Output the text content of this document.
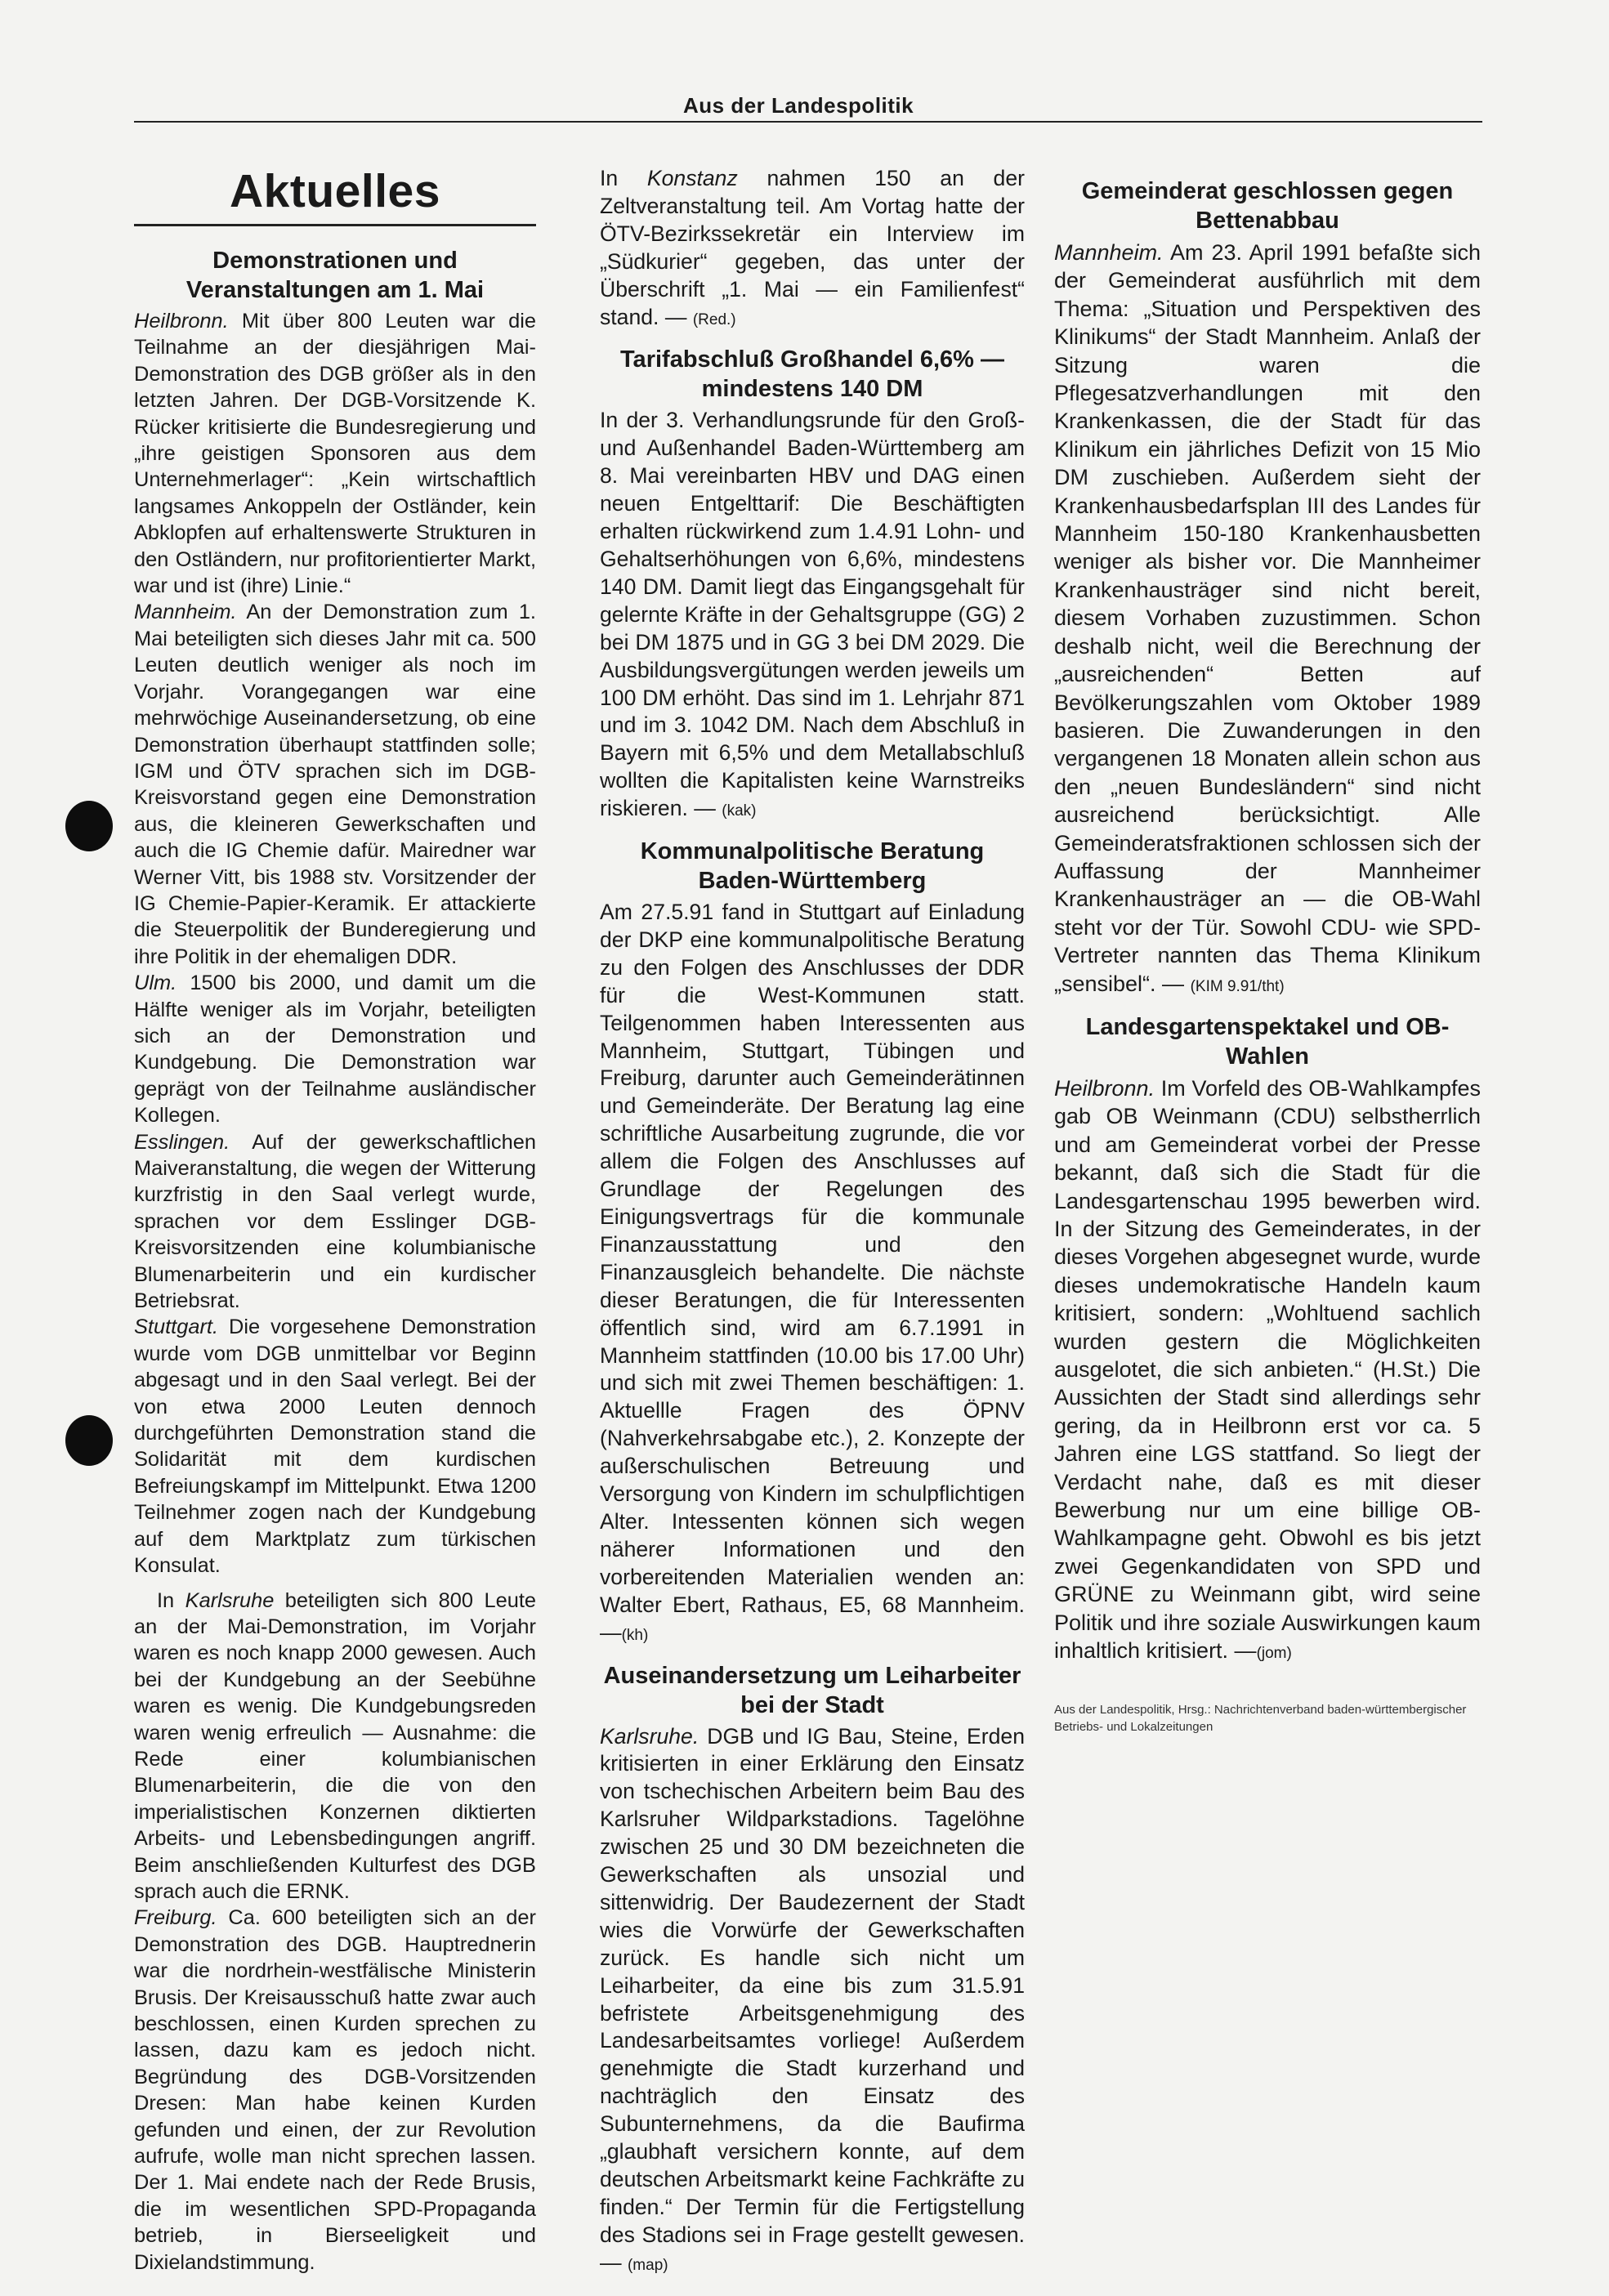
Aus der Landespolitik
Aktuelles
Demonstrationen und Veranstaltungen am 1. Mai

Heilbronn. Mit über 800 Leuten war die Teilnahme an der diesjährigen Mai-Demonstration des DGB größer als in den letzten Jahren. Der DGB-Vorsitzende K. Rücker kritisierte die Bundesregierung und „ihre geistigen Sponsoren aus dem Unternehmerlager“: „Kein wirtschaftlich langsames Ankoppeln der Ostländer, kein Abklopfen auf erhaltenswerte Strukturen in den Ostländern, nur profitorientierter Markt, war und ist (ihre) Linie.“

Mannheim. An der Demonstration zum 1. Mai beteiligten sich dieses Jahr mit ca. 500 Leuten deutlich weniger als noch im Vorjahr. Vorangegangen war eine mehrwöchige Auseinandersetzung, ob eine Demonstration überhaupt stattfinden solle; IGM und ÖTV sprachen sich im DGB-Kreisvorstand gegen eine Demonstration aus, die kleineren Gewerkschaften und auch die IG Chemie dafür. Mairedner war Werner Vitt, bis 1988 stv. Vorsitzender der IG Chemie-Papier-Keramik. Er attackierte die Steuerpolitik der Bunderegierung und ihre Politik in der ehemaligen DDR.

Ulm. 1500 bis 2000, und damit um die Hälfte weniger als im Vorjahr, beteiligten sich an der Demonstration und Kundgebung. Die Demonstration war geprägt von der Teilnahme ausländischer Kollegen.

Esslingen. Auf der gewerkschaftlichen Maiveranstaltung, die wegen der Witterung kurzfristig in den Saal verlegt wurde, sprachen vor dem Esslinger DGB-Kreisvorsitzenden eine kolumbianische Blumenarbeiterin und ein kurdischer Betriebsrat.

Stuttgart. Die vorgesehene Demonstration wurde vom DGB unmittelbar vor Beginn abgesagt und in den Saal verlegt. Bei der von etwa 2000 Leuten dennoch durchgeführten Demonstration stand die Solidarität mit dem kurdischen Befreiungskampf im Mittelpunkt. Etwa 1200 Teilnehmer zogen nach der Kundgebung auf dem Marktplatz zum türkischen Konsulat.

In Karlsruhe beteiligten sich 800 Leute an der Mai-Demonstration, im Vorjahr waren es noch knapp 2000 gewesen. Auch bei der Kundgebung an der Seebühne waren es wenig. Die Kundgebungsreden waren wenig erfreulich — Ausnahme: die Rede einer kolumbianischen Blumenarbeiterin, die die von den imperialistischen Konzernen diktierten Arbeits- und Lebensbedingungen angriff. Beim anschließenden Kulturfest des DGB sprach auch die ERNK.

Freiburg. Ca. 600 beteiligten sich an der Demonstration des DGB. Hauptrednerin war die nordrhein-westfälische Ministerin Brusis. Der Kreisausschuß hatte zwar auch beschlossen, einen Kurden sprechen zu lassen, dazu kam es jedoch nicht. Begründung des DGB-Vorsitzenden Dresen: Man habe keinen Kurden gefunden und einen, der zur Revolution aufrufe, wolle man nicht sprechen lassen. Der 1. Mai endete nach der Rede Brusis, die im wesentlichen SPD-Propaganda betrieb, in Bierseeligkeit und Dixielandstimmung.

In Konstanz nahmen 150 an der Zeltveranstaltung teil. Am Vortag hatte der ÖTV-Bezirkssekretär ein Interview im „Südkurier“ gegeben, das unter der Überschrift „1. Mai — ein Familienfest“ stand. — (Red.)

Tarifabschluß Großhandel 6,6% — mindestens 140 DM

In der 3. Verhandlungsrunde für den Groß- und Außenhandel Baden-Württemberg am 8. Mai vereinbarten HBV und DAG einen neuen Entgelttarif: Die Beschäftigten erhalten rückwirkend zum 1.4.91 Lohn- und Gehaltserhöhungen von 6,6%, mindestens 140 DM. Damit liegt das Eingangsgehalt für gelernte Kräfte in der Gehaltsgruppe (GG) 2 bei DM 1875 und in GG 3 bei DM 2029. Die Ausbildungsvergütungen werden jeweils um 100 DM erhöht. Das sind im 1. Lehrjahr 871 und im 3. 1042 DM. Nach dem Abschluß in Bayern mit 6,5% und dem Metallabschluß wollten die Kapitalisten keine Warnstreiks riskieren. — (kak)

Kommunalpolitische Beratung Baden-Württemberg

Am 27.5.91 fand in Stuttgart auf Einladung der DKP eine kommunalpolitische Beratung zu den Folgen des Anschlusses der DDR für die West-Kommunen statt. Teilgenommen haben Interessenten aus Mannheim, Stuttgart, Tübingen und Freiburg, darunter auch Gemeinderätinnen und Gemeinderäte. Der Beratung lag eine schriftliche Ausarbeitung zugrunde, die vor allem die Folgen des Anschlusses auf Grundlage der Regelungen des Einigungsvertrags für die kommunale Finanzausstattung und den Finanzausgleich behandelte. Die nächste dieser Beratungen, die für Interessenten öffentlich sind, wird am 6.7.1991 in Mannheim stattfinden (10.00 bis 17.00 Uhr) und sich mit zwei Themen beschäftigen: 1. Aktuellle Fragen des ÖPNV (Nahverkehrsabgabe etc.), 2. Konzepte der außerschulischen Betreuung und Versorgung von Kindern im schulpflichtigen Alter. Intessenten können sich wegen näherer Informationen und den vorbereitenden Materialien wenden an: Walter Ebert, Rathaus, E5, 68 Mannheim. —(kh)

Auseinandersetzung um Leiharbeiter bei der Stadt

Karlsruhe. DGB und IG Bau, Steine, Erden kritisierten in einer Erklärung den Einsatz von tschechischen Arbeitern beim Bau des Karlsruher Wildparkstadions. Tagelöhne zwischen 25 und 30 DM bezeichneten die Gewerkschaften als unsozial und sittenwidrig. Der Baudezernent der Stadt wies die Vorwürfe der Gewerkschaften zurück. Es handle sich nicht um Leiharbeiter, da eine bis zum 31.5.91 befristete Arbeitsgenehmigung des Landesarbeitsamtes vorliege! Außerdem genehmigte die Stadt kurzerhand und nachträglich den Einsatz des Subunternehmens, da die Baufirma „glaubhaft versichern konnte, auf dem deutschen Arbeitsmarkt keine Fachkräfte zu finden.“ Der Termin für die Fertigstellung des Stadions sei in Frage gestellt gewesen. — (map)

Gemeinderat geschlossen gegen Bettenabbau

Mannheim. Am 23. April 1991 befaßte sich der Gemeinderat ausführlich mit dem Thema: „Situation und Perspektiven des Klinikums“ der Stadt Mannheim. Anlaß der Sitzung waren die Pflegesatzverhandlungen mit den Krankenkassen, die der Stadt für das Klinikum ein jährliches Defizit von 15 Mio DM zuschieben. Außerdem sieht der Krankenhausbedarfsplan III des Landes für Mannheim 150-180 Krankenhausbetten weniger als bisher vor. Die Mannheimer Krankenhausträger sind nicht bereit, diesem Vorhaben zuzustimmen. Schon deshalb nicht, weil die Berechnung der „ausreichenden“ Betten auf Bevölkerungszahlen vom Oktober 1989 basieren. Die Zuwanderungen in den vergangenen 18 Monaten allein schon aus den „neuen Bundesländern“ sind nicht ausreichend berücksichtigt. Alle Gemeinderatsfraktionen schlossen sich der Auffassung der Mannheimer Krankenhausträger an — die OB-Wahl steht vor der Tür. Sowohl CDU- wie SPD-Vertreter nannten das Thema Klinikum „sensibel“. — (KIM 9.91/tht)

Landesgartenspektakel und OB-Wahlen

Heilbronn. Im Vorfeld des OB-Wahlkampfes gab OB Weinmann (CDU) selbstherrlich und am Gemeinderat vorbei der Presse bekannt, daß sich die Stadt für die Landesgartenschau 1995 bewerben wird. In der Sitzung des Gemeinderates, in der dieses Vorgehen abgesegnet wurde, wurde dieses undemokratische Handeln kaum kritisiert, sondern: „Wohltuend sachlich wurden gestern die Möglichkeiten ausgelotet, die sich anbieten.“ (H.St.) Die Aussichten der Stadt sind allerdings sehr gering, da in Heilbronn erst vor ca. 5 Jahren eine LGS stattfand. So liegt der Verdacht nahe, daß es mit dieser Bewerbung nur um eine billige OB-Wahlkampagne geht. Obwohl es bis jetzt zwei Gegenkandidaten von SPD und GRÜNE zu Weinmann gibt, wird seine Politik und ihre soziale Auswirkungen kaum inhaltlich kritisiert. —(jom)

Aus der Landespolitik, Hrsg.: Nachrichtenverband baden-württembergischer Betriebs- und Lokalzeitungen
